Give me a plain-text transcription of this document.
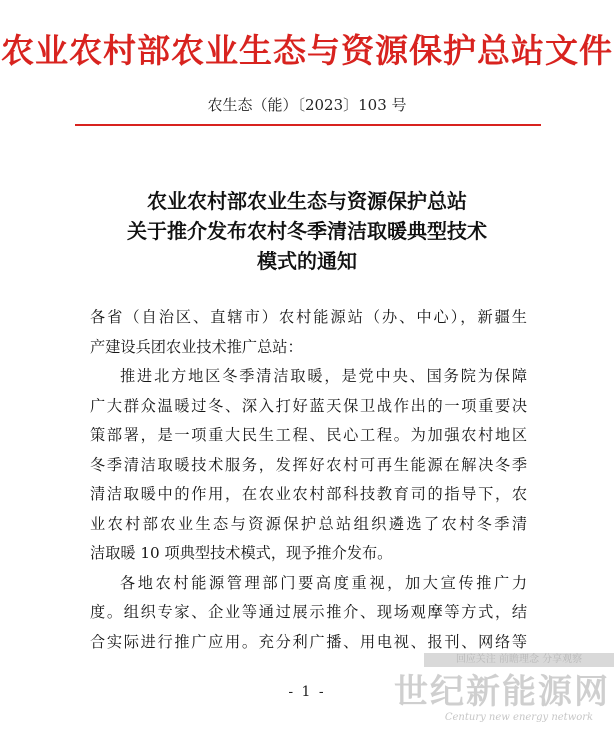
农业农村部农业生态与资源保护总站文件
农生态（能）〔2023〕103 号
农业农村部农业生态与资源保护总站
关于推介发布农村冬季清洁取暖典型技术
模式的通知
各省（自治区、直辖市）农村能源站（办、中心），新疆生
产建设兵团农业技术推广总站：
推进北方地区冬季清洁取暖，是党中央、国务院为保障
广大群众温暖过冬、深入打好蓝天保卫战作出的一项重要决
策部署，是一项重大民生工程、民心工程。为加强农村地区
冬季清洁取暖技术服务，发挥好农村可再生能源在解决冬季
清洁取暖中的作用，在农业农村部科技教育司的指导下，农
业农村部农业生态与资源保护总站组织遴选了农村冬季清
洁取暖 10 项典型技术模式，现予推介发布。
各地农村能源管理部门要高度重视，加大宣传推广力
度。组织专家、企业等通过展示推介、现场观摩等方式，结
合实际进行推广应用。充分利广播、用电视、报刊、网络等
- 1 -
回应关注 前瞻理念 分享观察
世纪新能源网
Century new energy network
